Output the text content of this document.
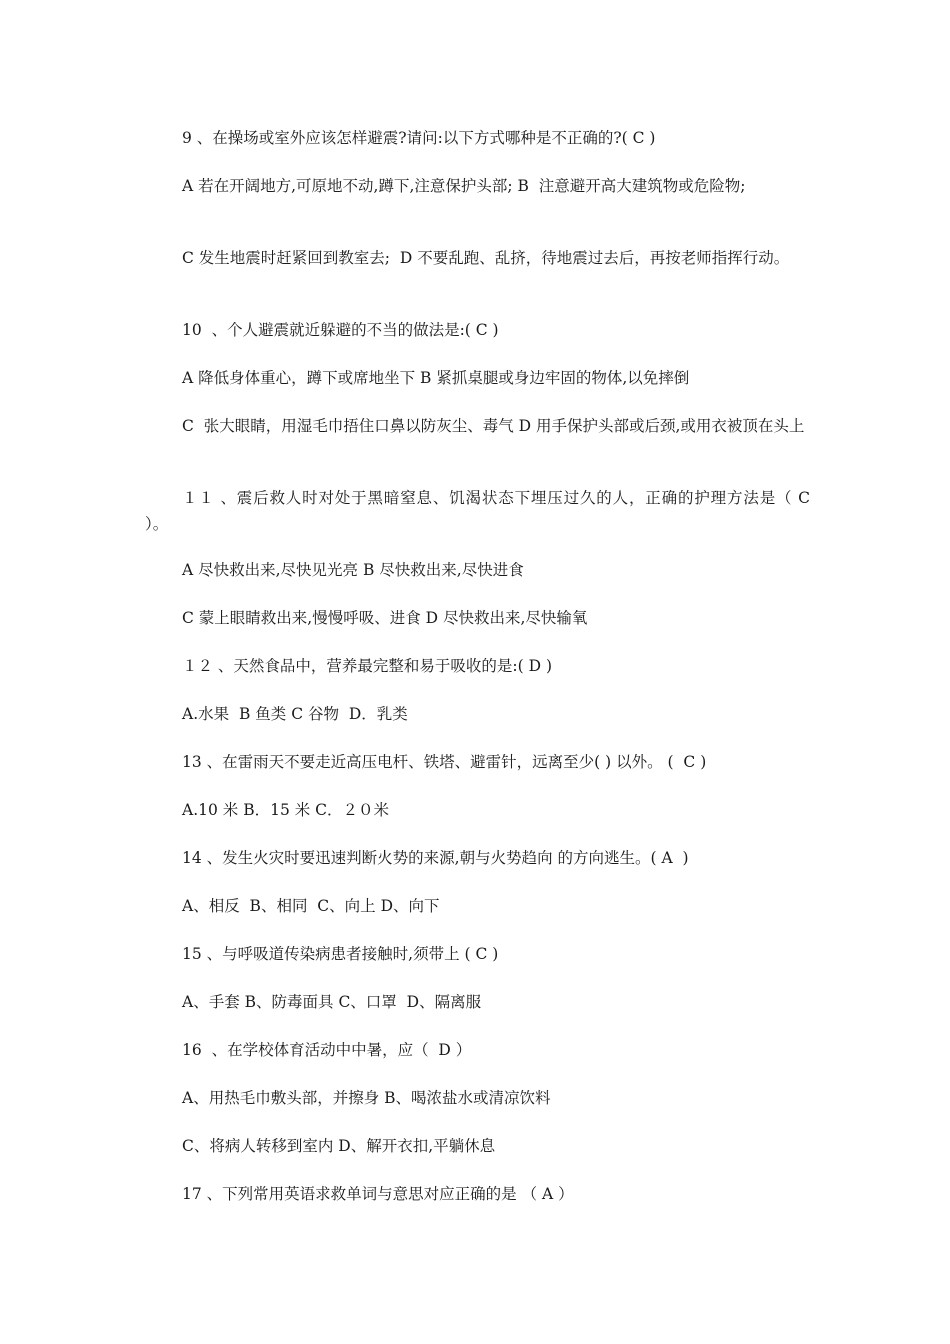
9 、在操场或室外应该怎样避震?请问:以下方式哪种是不正确的?( C )
A 若在开阔地方,可原地不动,蹲下,注意保护头部; B  注意避开高大建筑物或危险物;
C 发生地震时赶紧回到教室去;  D 不要乱跑、乱挤，待地震过去后，再按老师指挥行动。
10  、个人避震就近躲避的不当的做法是:( C )
A 降低身体重心，蹲下或席地坐下 B 紧抓桌腿或身边牢固的物体,以免摔倒
C  张大眼睛，用湿毛巾捂住口鼻以防灰尘、毒气 D 用手保护头部或后颈,或用衣被顶在头上
１１ 、震后救人时对处于黑暗窒息、饥渴状态下埋压过久的人，正确的护理方法是（ C  ）。
A 尽快救出来,尽快见光亮 B 尽快救出来,尽快进食
C 蒙上眼睛救出来,慢慢呼吸、进食 D 尽快救出来,尽快输氧
１２ 、天然食品中，营养最完整和易于吸收的是:( D )
A.水果  B 鱼类 C 谷物  D．乳类
13 、在雷雨天不要走近高压电杆、铁塔、避雷针，远离至少( ) 以外。 (  C )
A.10 米 B．15 米 C．２０米
14 、发生火灾时要迅速判断火势的来源,朝与火势趋向 的方向逃生。( A  )
A、相反  B、相同  C、向上 D、向下
15 、与呼吸道传染病患者接触时,须带上 ( C )
A、手套 B、防毒面具 C、口罩  D、隔离服
16  、在学校体育活动中中暑，应（  D ）
A、用热毛巾敷头部，并擦身 B、喝浓盐水或清凉饮料
C、将病人转移到室内 D、解开衣扣,平躺休息
17 、下列常用英语求救单词与意思对应正确的是 （ A ）
